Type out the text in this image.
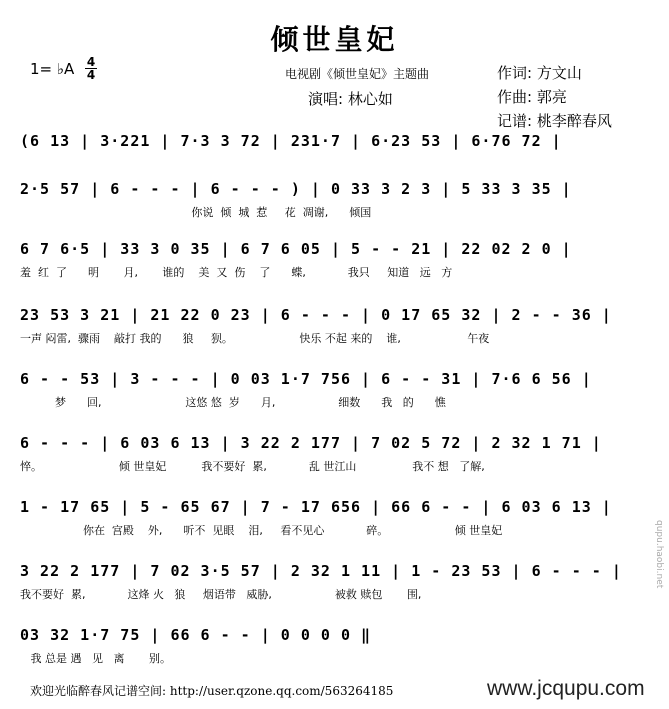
倾世皇妃
1= ♭A 4
4	电视剧《倾世皇妃》主题曲
演唱: 林心如
作词: 方文山
作曲: 郭亮
记谱: 桃李醉春风
(6 13 | 3·221 | 7·3 3 72 | 231·7 | 6·23 53 | 6·76 72 |
2·5 57 | 6 - - - | 6 - - - ) | 0 33 3 2 3 | 5 33 3 35 |
你说  倾  城  惹     花  凋谢,      倾国
6 7 6·5 | 33 3 0 35 | 6 7 6 05 | 5 - - 21 | 22 02 2 0 |
羞  红  了      明       月,       谁的    美  又  伤    了      蝶,            我只     知道   远   方
23 53 3 21 | 21 22 0 23 | 6 - - - | 0 17 65 32 | 2 - - 36 |
一声 闷雷,  骤雨    敲打 我的      狼     狈。                   快乐 不起 来的    谁,                   午夜
6 - - 53 | 3 - - - | 0 03 1·7 756 | 6 - - 31 | 7·6 6 56 |
梦      回,                        这悠 悠  岁      月,                  细数      我   的      憔
6 - - - | 6 03 6 13 | 3 22 2 177 | 7 02 5 72 | 2 32 1 71 |
悴。                      倾 世皇妃          我不要好  累,            乱 世江山                我不 想   了解,
1 - 17 65 | 5 - 65 67 | 7 - 17 656 | 66 6 - - | 6 03 6 13 |
你在  宫殿    外,      听不  见眼    泪,     看不见心            碎。                   倾 世皇妃
3 22 2 177 | 7 02 3·5 57 | 2 32 1 11 | 1 - 23 53 | 6 - - - |
我不要好  累,            这烽 火   狼     烟语带   威胁,                  被救 赎包       围,
03 32 1·7 75 | 66 6 - - | 0 0 0 0 ‖
我 总是 遇   见   离       别。
欢迎光临醉春风记谱空间: http://user.qzone.qq.com/563264185	www.jcqupu.com
qupu.haobi.net
